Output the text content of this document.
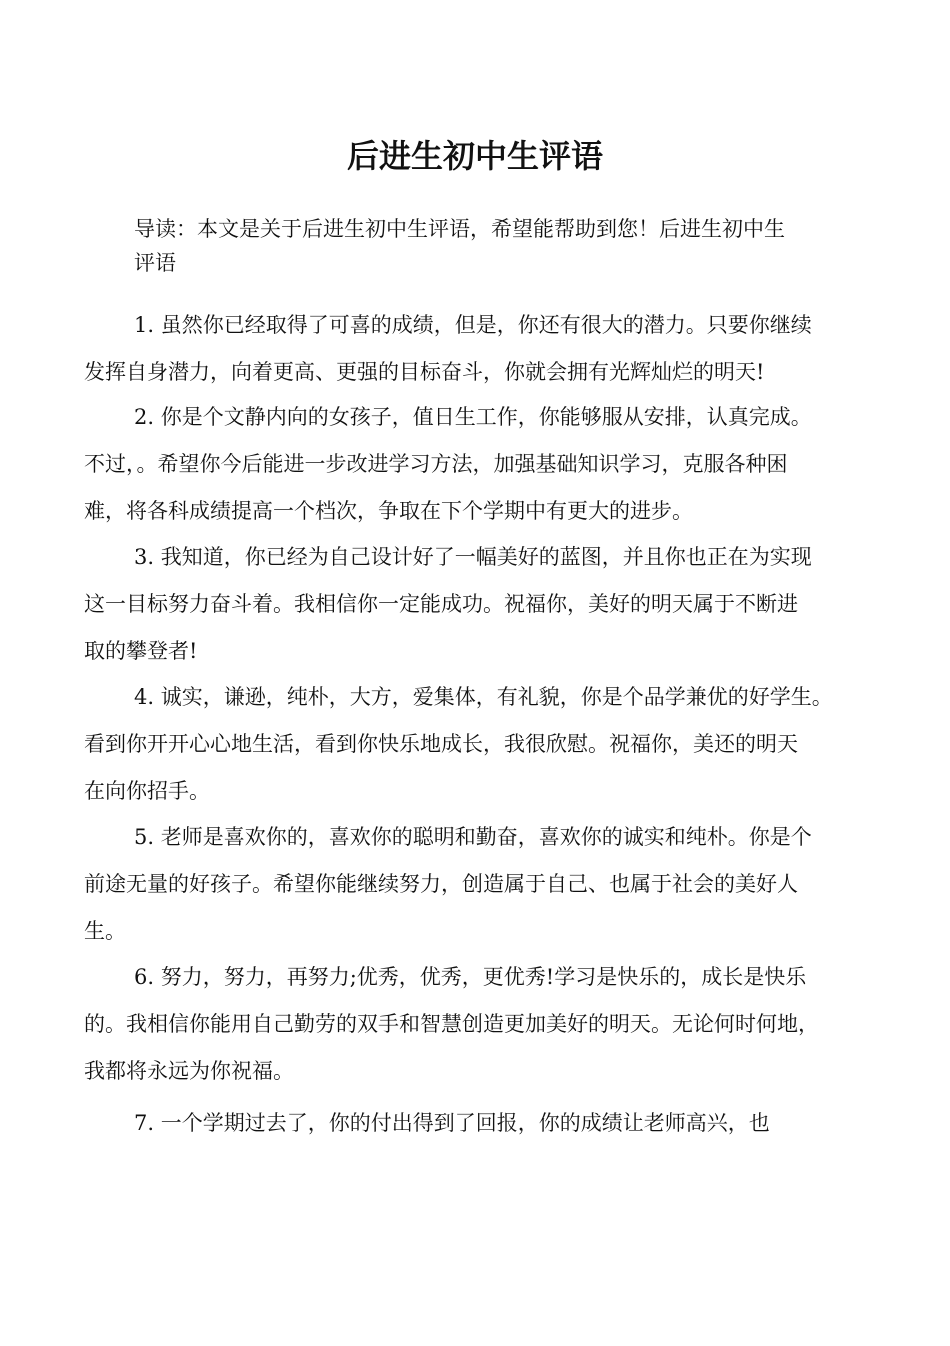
后进生初中生评语
导读：本文是关于后进生初中生评语，希望能帮助到您！后进生初中生
评语
1. 虽然你已经取得了可喜的成绩，但是，你还有很大的潜力。只要你继续
发挥自身潜力，向着更高、更强的目标奋斗，你就会拥有光辉灿烂的明天!
2. 你是个文静内向的女孩子，值日生工作，你能够服从安排，认真完成。
不过，。希望你今后能进一步改进学习方法，加强基础知识学习，克服各种困
难，将各科成绩提高一个档次，争取在下个学期中有更大的进步。
3. 我知道，你已经为自己设计好了一幅美好的蓝图，并且你也正在为实现
这一目标努力奋斗着。我相信你一定能成功。祝福你，美好的明天属于不断进
取的攀登者!
4. 诚实，谦逊，纯朴，大方，爱集体，有礼貌，你是个品学兼优的好学生。
看到你开开心心地生活，看到你快乐地成长，我很欣慰。祝福你，美还的明天
在向你招手。
5. 老师是喜欢你的，喜欢你的聪明和勤奋，喜欢你的诚实和纯朴。你是个
前途无量的好孩子。希望你能继续努力，创造属于自己、也属于社会的美好人
生。
6. 努力，努力，再努力;优秀，优秀，更优秀!学习是快乐的，成长是快乐
的。我相信你能用自己勤劳的双手和智慧创造更加美好的明天。无论何时何地，
我都将永远为你祝福。
7. 一个学期过去了，你的付出得到了回报，你的成绩让老师高兴，也
